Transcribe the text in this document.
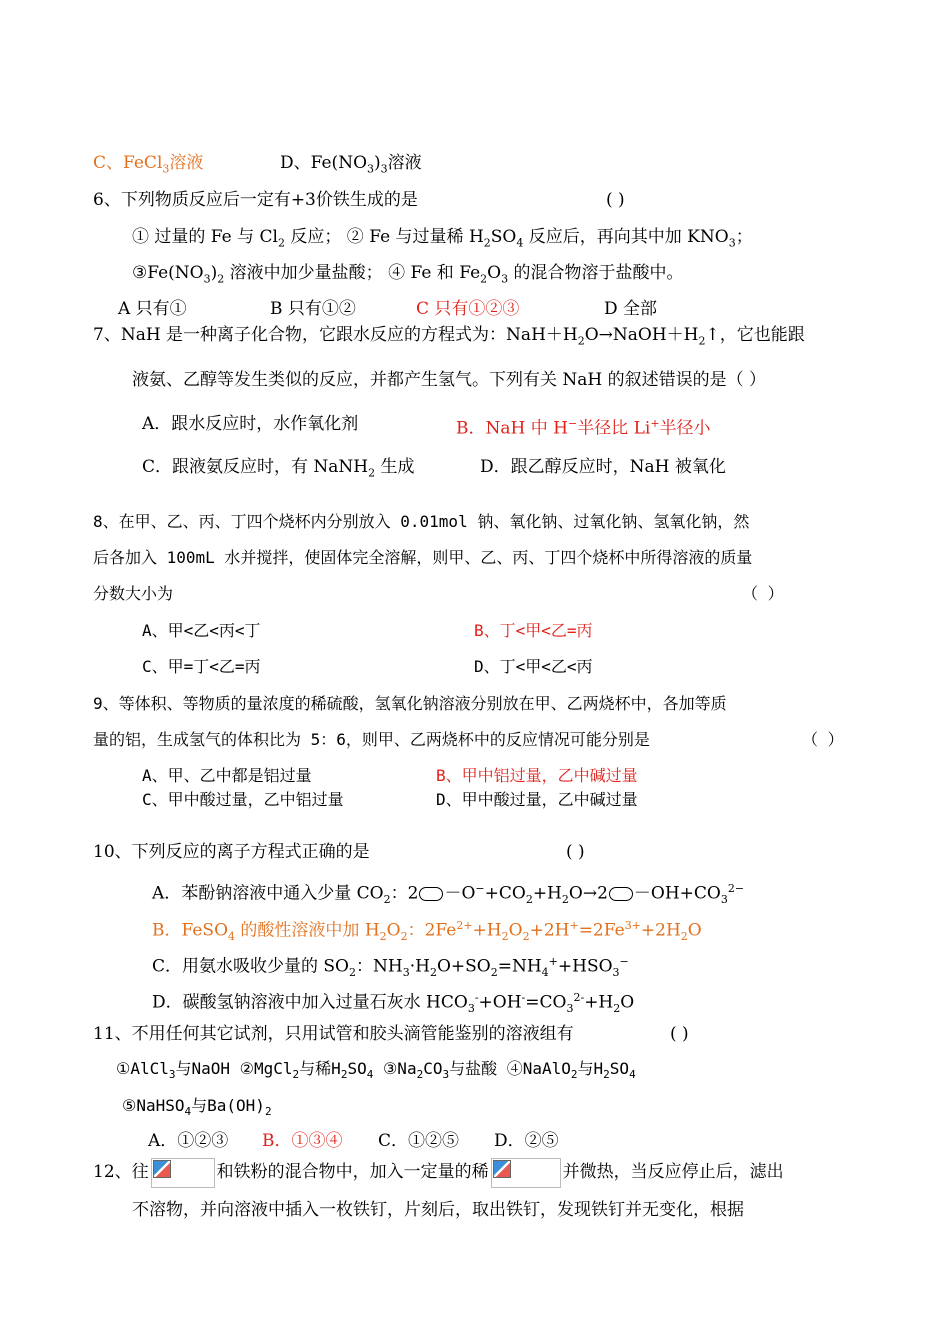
C、FeCl$_3$溶液	D、$Fe(NO_3)_3$溶液
6、下列物质反应后一定有+3价铁生成的是	( )
① 过量的 Fe 与 $Cl_2$ 反应； ② Fe 与过量稀 $H_2SO_4$ 反应后，再向其中加 $KNO_3$；
$③Fe(NO_3)_2$ 溶液中加少量盐酸； ④ Fe 和 $Fe_2O_3$ 的混合物溶于盐酸中。
A 只有①	B 只有①②	C 只有①②③	D 全部
7、NaH 是一种离子化合物，它跟水反应的方程式为：$NaH+H_2O\to NaOH+H_2↑$，它也能跟
液氨、乙醇等发生类似的反应，并都产生氢气。下列有关 NaH 的叙述错误的是（ ）
A．跟水反应时，水作氧化剂	B．NaH 中 H−半径比 Li+半径小
C．跟液氨反应时，有 NaNH$_2$ 生成	D．跟乙醇反应时，NaH 被氧化
8、在甲、乙、丙、丁四个烧杯内分别放入 0.01mol 钠、氧化钠、过氧化钠、氢氧化钠，然
后各加入 100mL 水并搅拌，使固体完全溶解，则甲、乙、丙、丁四个烧杯中所得溶液的质量
分数大小为	（ ）
A、甲<乙<丙<丁	B、丁<甲<乙=丙
C、甲=丁<乙=丙	D、丁<甲<乙<丙
9、等体积、等物质的量浓度的稀硫酸，氢氧化钠溶液分别放在甲、乙两烧杯中，各加等质
量的铝，生成氢气的体积比为 5：6，则甲、乙两烧杯中的反应情况可能分别是	（ ）
A、甲、乙中都是铝过量	B、甲中铝过量，乙中碱过量
C、甲中酸过量，乙中铝过量	D、甲中酸过量，乙中碱过量
10、下列反应的离子方程式正确的是	( )
A．苯酚钠溶液中通入少量 $CO_2$：$2 -O^-+CO_2+H_2O\to 2 -OH+CO_3^{2-}$
B．FeSO$_4$ 的酸性溶液中加 $H_2O_2$：$2Fe^{2+}+H_2O_2+2H^+=2Fe^{3+}+2H_2O$
C．用氨水吸收少量的 $SO_2$：$NH_3\cdot H_2O+SO_2=NH_4^++HSO_3^-$
D．碳酸氢钠溶液中加入过量石灰水 $HCO_3^-+OH^-=CO_3^{2-}+H_2O$
11、不用任何其它试剂，只用试管和胶头滴管能鉴别的溶液组有	( )
①AlCl$_3$与NaOH ②MgCl$_2$与稀$H_2SO_4$ $③Na_2CO_3$与盐酸 ④NaAlO$_2$与$H_2SO_4$
⑤NaHSO$_4$与$Ba(OH)_2$
A．①②③ B．①③④ C．①②⑤ D．②⑤
12、往	和铁粉的混合物中，加入一定量的稀	并微热，当反应停止后，滤出
不溶物，并向溶液中插入一枚铁钉，片刻后，取出铁钉，发现铁钉并无变化，根据
